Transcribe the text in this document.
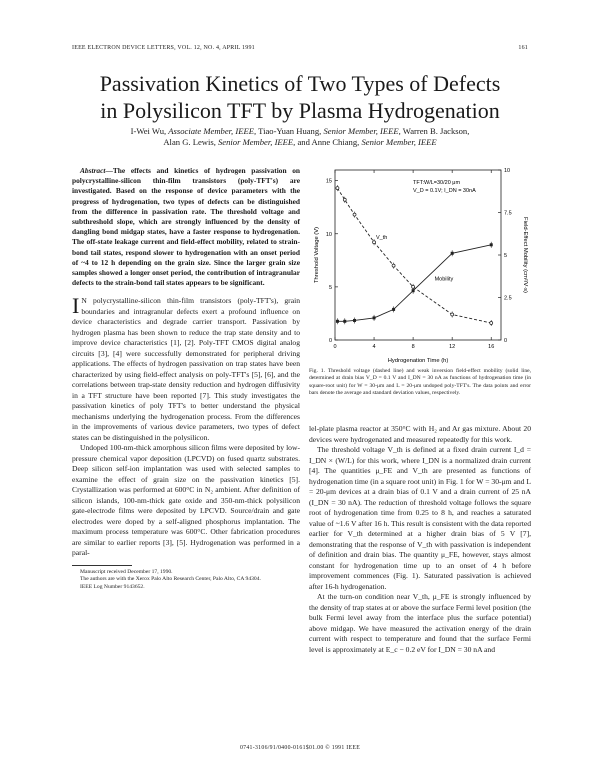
IEEE ELECTRON DEVICE LETTERS, VOL. 12, NO. 4, APRIL 1991	161
Passivation Kinetics of Two Types of Defects
in Polysilicon TFT by Plasma Hydrogenation
I-Wei Wu, Associate Member, IEEE, Tiao-Yuan Huang, Senior Member, IEEE, Warren B. Jackson,
Alan G. Lewis, Senior Member, IEEE, and Anne Chiang, Senior Member, IEEE

Abstract—The effects and kinetics of hydrogen passivation on polycrystalline-silicon thin-film transistors (poly-TFT's) are investigated. Based on the response of device parameters with the progress of hydrogenation, two types of defects can be distinguished from the difference in passivation rate. The threshold voltage and subthreshold slope, which are strongly influenced by the density of dangling bond midgap states, have a faster response to hydrogenation. The off-state leakage current and field-effect mobility, related to strain-bond tail states, respond slower to hydrogenation with an onset period of ~4 to 12 h depending on the grain size. Since the larger grain size samples showed a longer onset period, the contribution of intragranular defects to the strain-bond tail states appears to be significant.

I N polycrystalline-silicon thin-film transistors (poly-TFT's), grain boundaries and intragranular defects exert a profound influence on device characteristics and degrade carrier transport. Passivation by hydrogen plasma has been shown to reduce the trap state density and to improve device characteristics [1], [2]. Poly-TFT CMOS digital analog circuits [3], [4] were successfully demonstrated for peripheral driving applications. The effects of hydrogen passivation on trap states have been characterized by using field-effect analysis on poly-TFT's [5], [6], and the correlations between trap-state density reduction and hydrogen diffusivity in a TFT structure have been reported [7]. This study investigates the passivation kinetics of poly TFT's to better understand the physical mechanisms underlying the hydrogenation process. From the differences in the improvements of various device parameters, two types of defect states can be distinguished in the polysilicon.

Undoped 100-nm-thick amorphous silicon films were deposited by low-pressure chemical vapor deposition (LPCVD) on fused quartz substrates. Deep silicon self-ion implantation was used with selected samples to examine the effect of grain size on the passivation kinetics [5]. Crystallization was performed at 600°C in N₂ ambient. After definition of silicon islands, 100-nm-thick gate oxide and 350-nm-thick polysilicon gate-electrode films were deposited by LPCVD. Source/drain and gate electrodes were doped by a self-aligned phosphorus implantation. The maximum process temperature was 600°C. Other fabrication procedures are similar to earlier reports [3], [5]. Hydrogenation was performed in a paral-

Manuscript received December 17, 1990.

The authors are with the Xerox Palo Alto Research Center, Palo Alto, CA 94304.

IEEE Log Number 9143652.

TFT:W/L=30/20 μm
V_D = 0.1V; I_DN = 30nA
Hydrogenation Time (h)
Threshold Voltage (V)	Field-Effect Mobility (cm²/V·s)
0	4	8	12	16
0
5
10
15
0
2.5
5
7.5
10
V_th
Mobility
Fig. 1. Threshold voltage (dashed line) and weak inversion field-effect mobility (solid line, determined at drain bias V_D = 0.1 V and I_DN = 30 nA as functions of hydrogenation time (in square-root unit) for W = 30-μm and L = 20-μm undoped poly-TFT's. The data points and error bars denote the average and standard deviation values, respectively.

lel-plate plasma reactor at 350°C with H₂ and Ar gas mixture. About 20 devices were hydrogenated and measured repeatedly for this work.

The threshold voltage V_th is defined at a fixed drain current I_d = I_DN × (W/L) for this work, where I_DN is a normalized drain current [4]. The quantities μ_FE and V_th are presented as functions of hydrogenation time (in a square root unit) in Fig. 1 for W = 30-μm and L = 20-μm devices at a drain bias of 0.1 V and a drain current of 25 nA (I_DN = 30 nA). The reduction of threshold voltage follows the square root of hydrogenation time from 0.25 to 8 h, and reaches a saturated value of ~1.6 V after 16 h. This result is consistent with the data reported earlier for V_th determined at a higher drain bias of 5 V [7], demonstrating that the response of V_th with passivation is independent of definition and drain bias. The quantity μ_FE, however, stays almost constant for hydrogenation time up to an onset of 4 h before improvement commences (Fig. 1). Saturated passivation is achieved after 16-h hydrogenation.

At the turn-on condition near V_th, μ_FE is strongly influenced by the density of trap states at or above the surface Fermi level position (the bulk Fermi level away from the interface plus the surface potential) above midgap. We have measured the activation energy of the drain current with respect to temperature and found that the surface Fermi level is approximately at E_c − 0.2 eV for I_DN = 30 nA and

0741-3106/91/0400-0161$01.00 © 1991 IEEE
